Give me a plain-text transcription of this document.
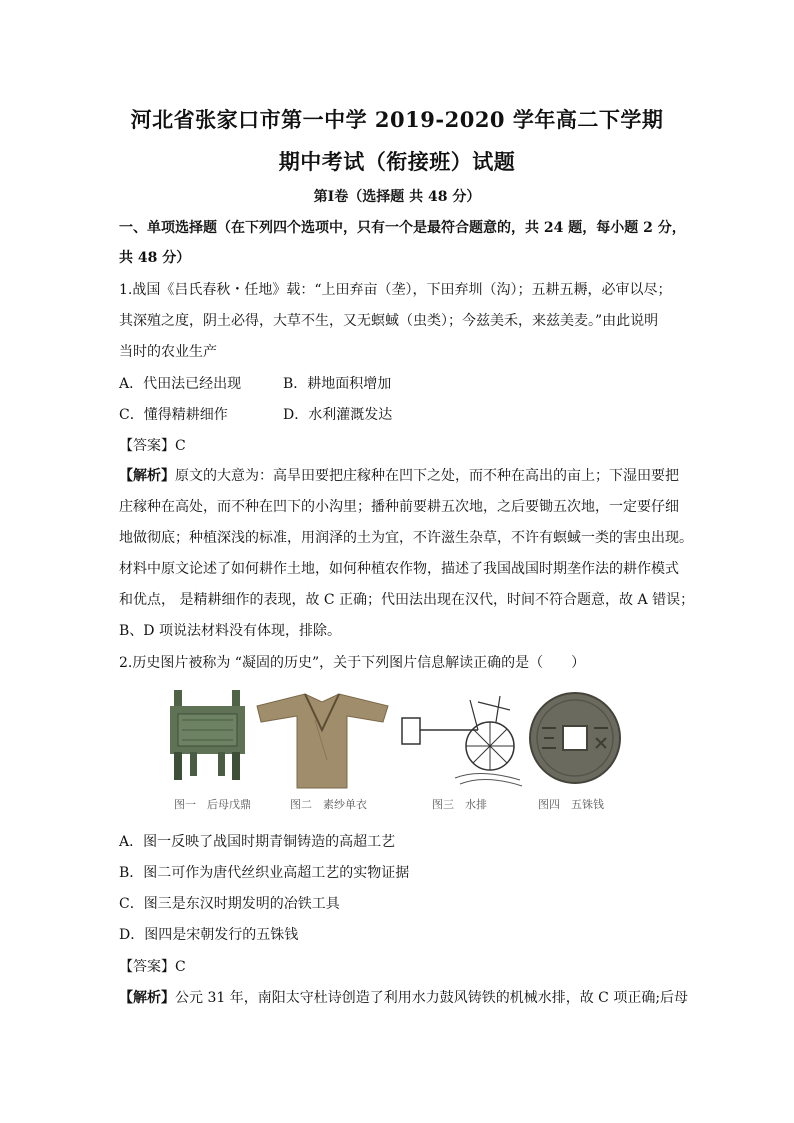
河北省张家口市第一中学 2019-2020 学年高二下学期
期中考试（衔接班）试题
第Ⅰ卷（选择题 共 48 分）
一、单项选择题（在下列四个选项中，只有一个是最符合题意的，共 24 题，每小题 2 分，
共 48 分）
1.战国《吕氏春秋・任地》载：“上田弃亩（垄），下田弃圳（沟）；五耕五耨，必审以尽；
其深殖之度，阴土必得，大草不生，又无螟蜮（虫类）；今兹美禾，来兹美麦。”由此说明
当时的农业生产
A．代田法已经出现	B．耕地面积增加
C．懂得精耕细作	D．水利灌溉发达
【答案】C
【解析】原文的大意为：高旱田要把庄稼种在凹下之处，而不种在高出的亩上；下湿田要把
庄稼种在高处，而不种在凹下的小沟里；播种前要耕五次地，之后要锄五次地，一定要仔细
地做彻底；种植深浅的标准，用润泽的土为宜，不许滋生杂草，不许有螟蜮一类的害虫出现。
材料中原文论述了如何耕作土地，如何种植农作物，描述了我国战国时期垄作法的耕作模式
和优点， 是精耕细作的表现，故 C 正确；代田法出现在汉代，时间不符合题意，故 A 错误；
B、D 项说法材料没有体现，排除。
2.历史图片被称为 “凝固的历史”，关于下列图片信息解读正确的是（　　）
图一　后母戊鼎	图二　素纱单衣	图三　水排	图四　五铢钱
A．图一反映了战国时期青铜铸造的高超工艺
B．图二可作为唐代丝织业高超工艺的实物证据
C．图三是东汉时期发明的冶铁工具
D．图四是宋朝发行的五铢钱
【答案】C
【解析】公元 31 年，南阳太守杜诗创造了利用水力鼓风铸铁的机械水排，故 C 项正确;后母
